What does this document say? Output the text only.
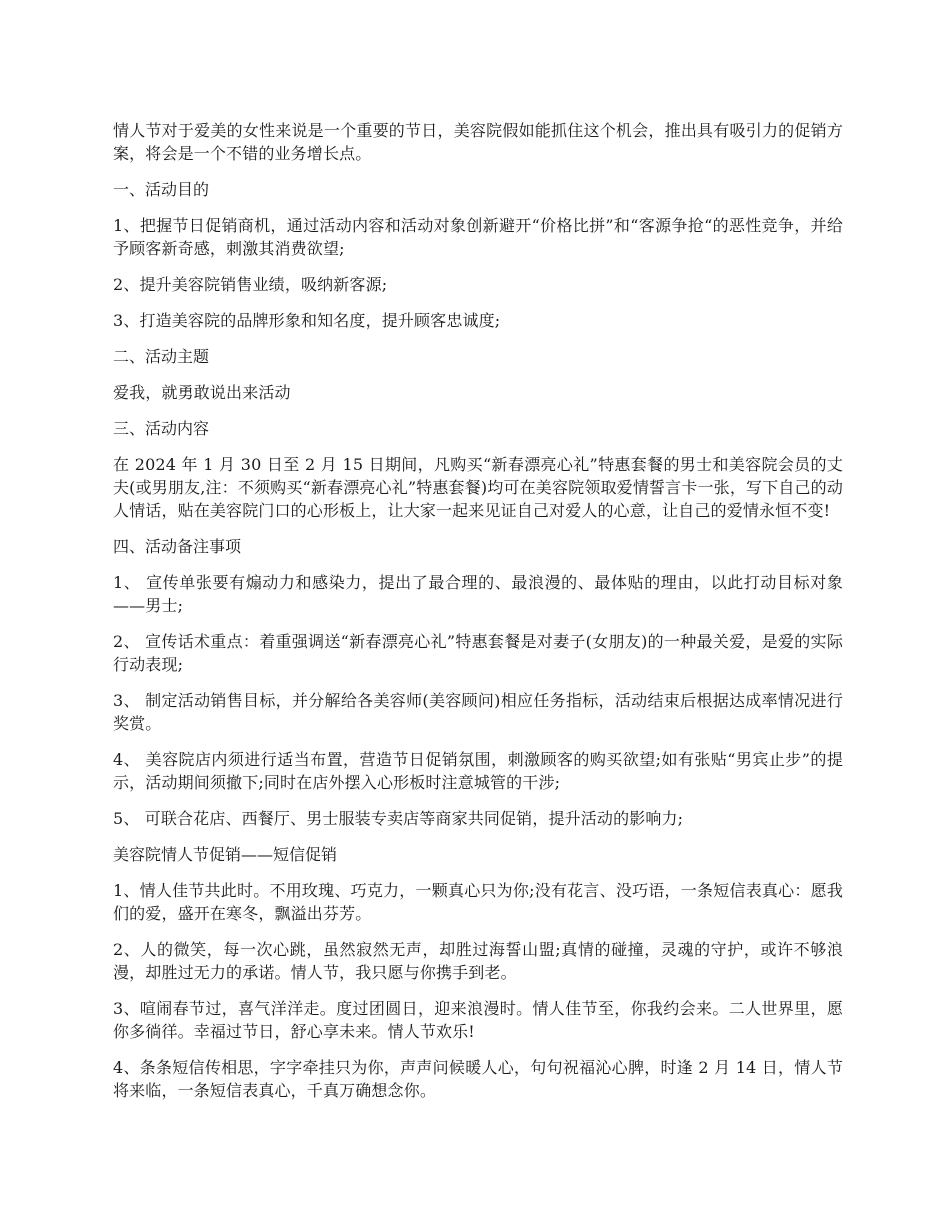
情人节对于爱美的女性来说是一个重要的节日，美容院假如能抓住这个机会，推出具有吸引力的促销方案，将会是一个不错的业务增长点。

一、活动目的

1、把握节日促销商机，通过活动内容和活动对象创新避开“价格比拼”和“客源争抢“的恶性竞争，并给予顾客新奇感，刺激其消费欲望;

2、提升美容院销售业绩，吸纳新客源;

3、打造美容院的品牌形象和知名度，提升顾客忠诚度;

二、活动主题

爱我，就勇敢说出来活动

三、活动内容

在 2024 年 1 月 30 日至 2 月 15 日期间，凡购买“新春漂亮心礼”特惠套餐的男士和美容院会员的丈夫(或男朋友,注：不须购买“新春漂亮心礼”特惠套餐)均可在美容院领取爱情誓言卡一张，写下自己的动人情话，贴在美容院门口的心形板上，让大家一起来见证自己对爱人的心意，让自己的爱情永恒不变!

四、活动备注事项

1、 宣传单张要有煽动力和感染力，提出了最合理的、最浪漫的、最体贴的理由，以此打动目标对象——男士;

2、 宣传话术重点：着重强调送“新春漂亮心礼”特惠套餐是对妻子(女朋友)的一种最关爱，是爱的实际行动表现;

3、 制定活动销售目标，并分解给各美容师(美容顾问)相应任务指标，活动结束后根据达成率情况进行奖赏。

4、 美容院店内须进行适当布置，营造节日促销氛围，刺激顾客的购买欲望;如有张贴“男宾止步”的提示，活动期间须撤下;同时在店外摆入心形板时注意城管的干涉;

5、 可联合花店、西餐厅、男士服装专卖店等商家共同促销，提升活动的影响力;

美容院情人节促销——短信促销

1、情人佳节共此时。不用玫瑰、巧克力，一颗真心只为你;没有花言、没巧语，一条短信表真心：愿我们的爱，盛开在寒冬，飘溢出芬芳。

2、人的微笑，每一次心跳，虽然寂然无声，却胜过海誓山盟;真情的碰撞，灵魂的守护，或许不够浪漫，却胜过无力的承诺。情人节，我只愿与你携手到老。

3、喧闹春节过，喜气洋洋走。度过团圆日，迎来浪漫时。情人佳节至，你我约会来。二人世界里，愿你多徜徉。幸福过节日，舒心享未来。情人节欢乐!

4、条条短信传相思，字字牵挂只为你，声声问候暖人心，句句祝福沁心脾，时逢 2 月 14 日，情人节将来临，一条短信表真心，千真万确想念你。
